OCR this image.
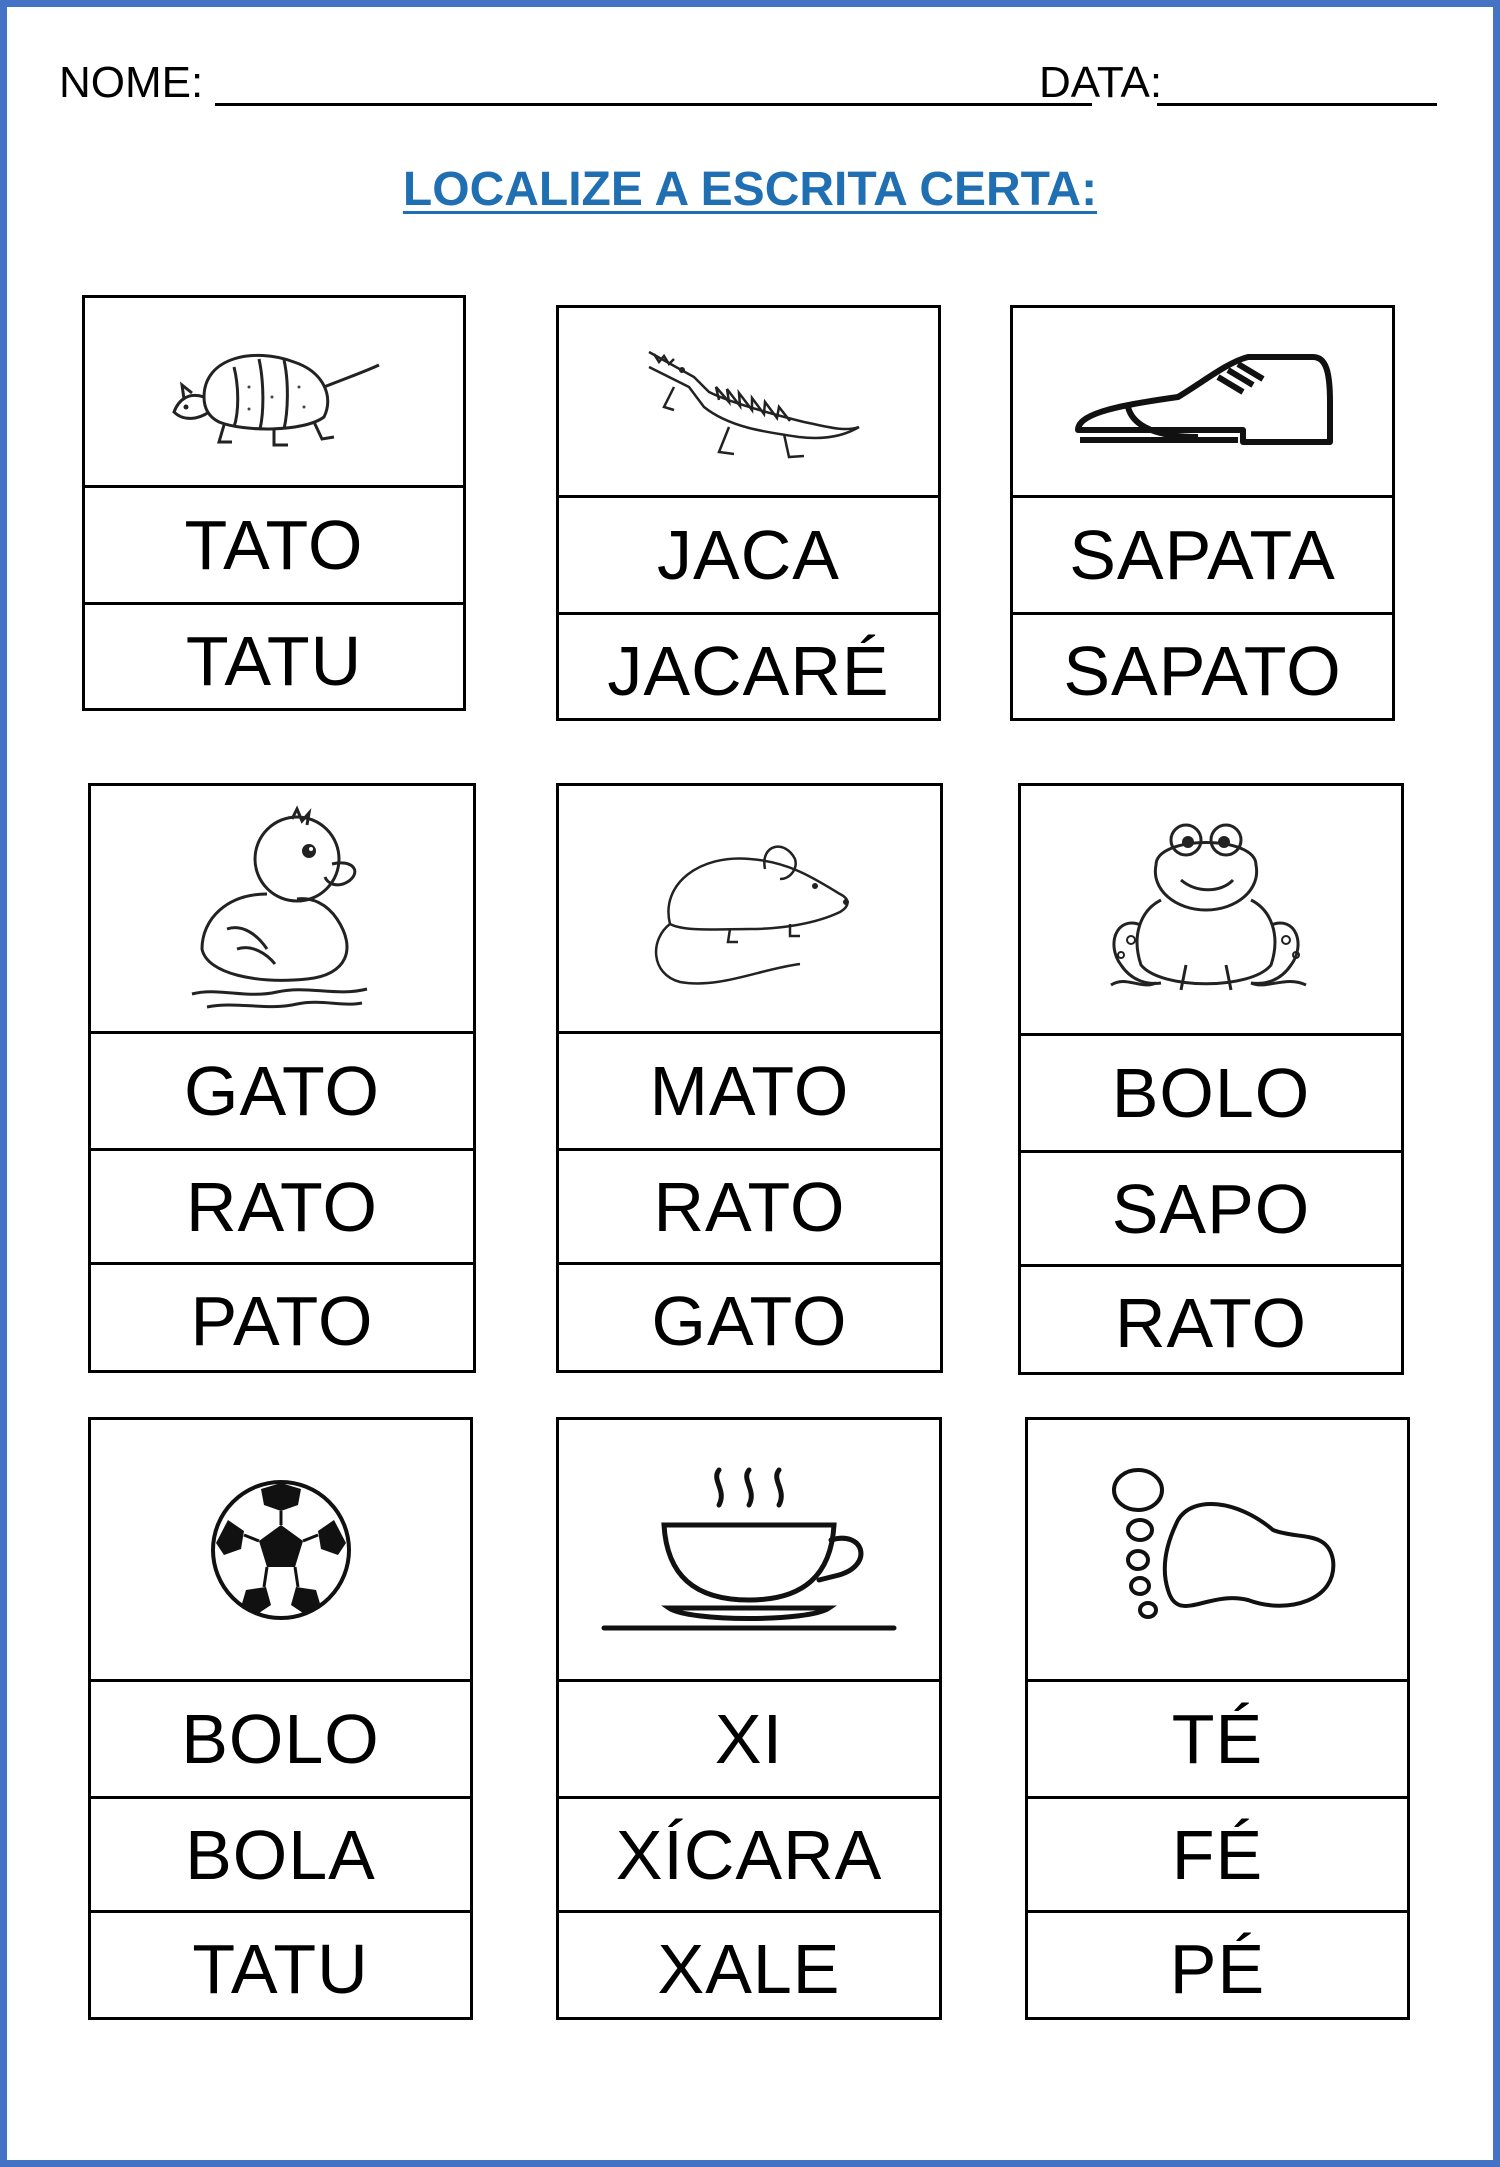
NOME:	DATA:
LOCALIZE A ESCRITA CERTA:
TATO
TATU
JACA
JACARÉ
SAPATA
SAPATO
GATO
RATO
PATO
MATO
RATO
GATO
BOLO
SAPO
RATO
BOLO
BOLA
TATU
XI
XÍCARA
XALE
TÉ
FÉ
PÉ
